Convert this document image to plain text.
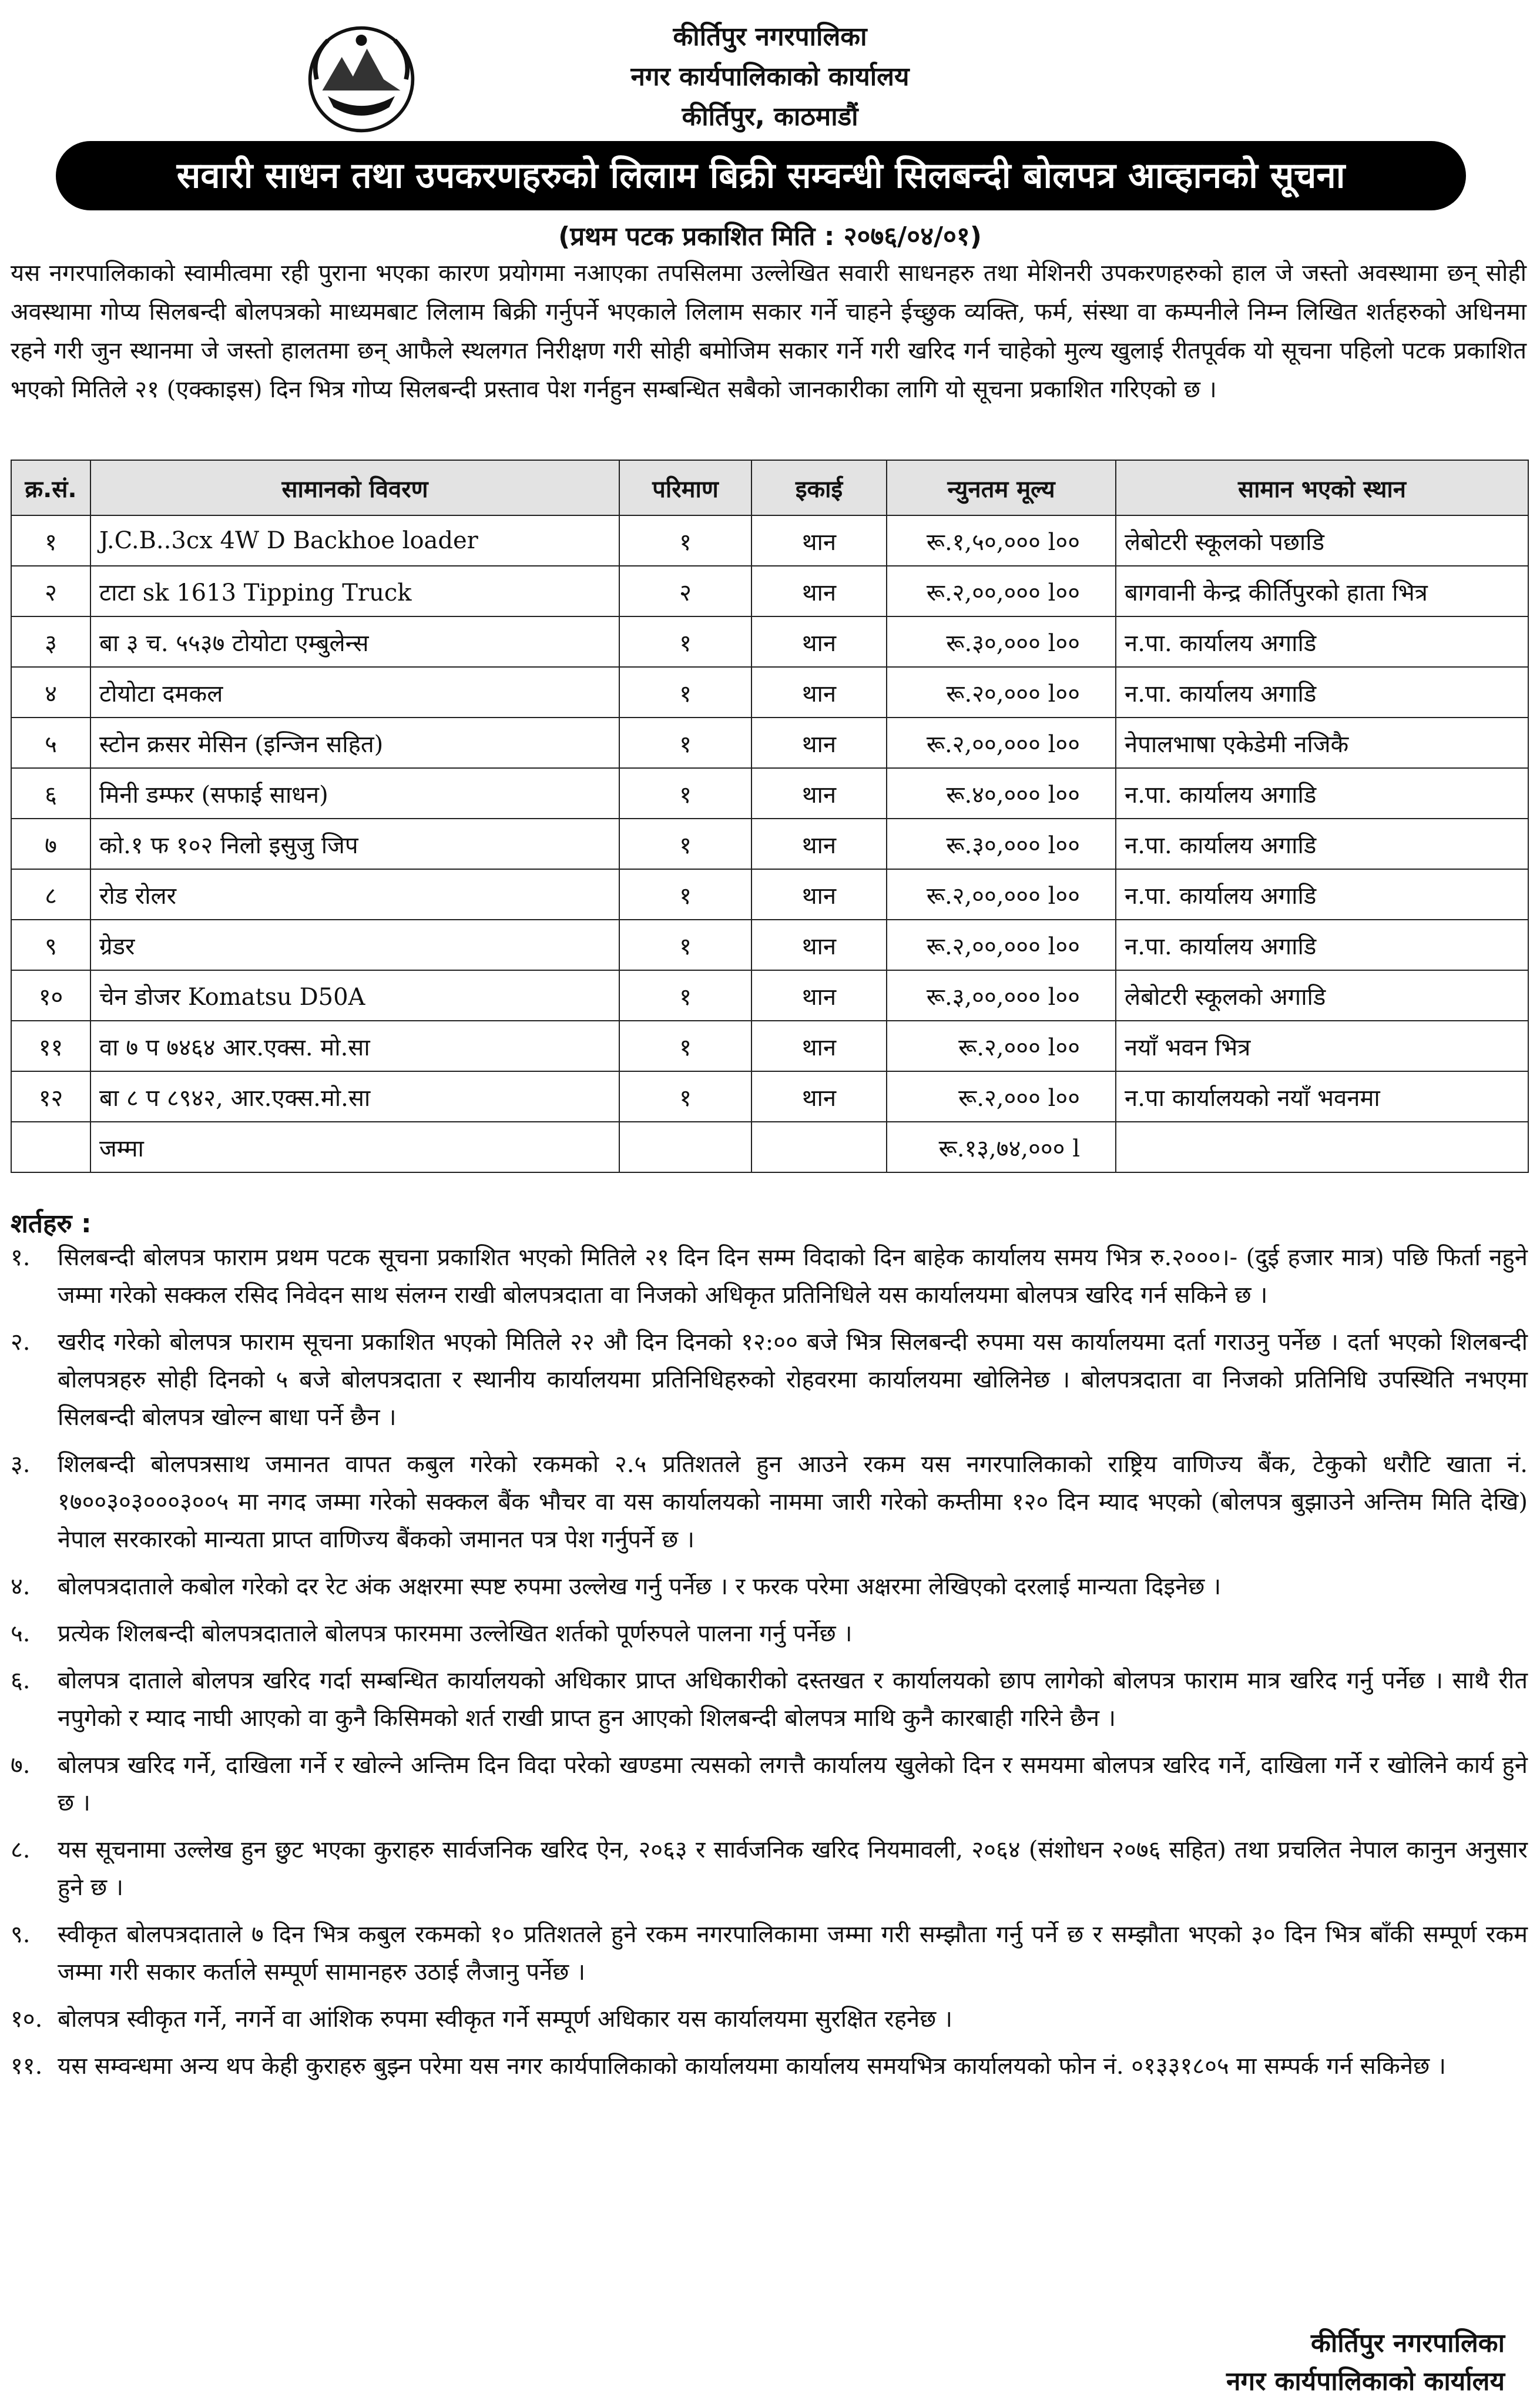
कीर्तिपुर नगरपालिका
नगर कार्यपालिकाको कार्यालय
कीर्तिपुर, काठमाडौं
सवारी साधन तथा उपकरणहरुको लिलाम बिक्री सम्वन्धी सिलबन्दी बोलपत्र आव्हानको सूचना
(प्रथम पटक प्रकाशित मिति : २०७६/०४/०१)
यस नगरपालिकाको स्वामीत्वमा रही पुराना भएका कारण प्रयोगमा नआएका तपसिलमा उल्लेखित सवारी साधनहरु तथा मेशिनरी उपकरणहरुको हाल जे जस्तो अवस्थामा छन् सोही अवस्थामा गोप्य सिलबन्दी बोलपत्रको माध्यमबाट लिलाम बिक्री गर्नुपर्ने भएकाले लिलाम सकार गर्ने चाहने ईच्छुक व्यक्ति, फर्म, संस्था वा कम्पनीले निम्न लिखित शर्तहरुको अधिनमा रहने गरी जुन स्थानमा जे जस्तो हालतमा छन् आफैले स्थलगत निरीक्षण गरी सोही बमोजिम सकार गर्ने गरी खरिद गर्न चाहेको मुल्य खुलाई रीतपूर्वक यो सूचना पहिलो पटक प्रकाशित भएको मितिले २१ (एक्काइस) दिन भित्र गोप्य सिलबन्दी प्रस्ताव पेश गर्नहुन सम्बन्धित सबैको जानकारीका लागि यो सूचना प्रकाशित गरिएको छ ।
क्र.सं.	सामानको विवरण	परिमाण	इकाई	न्युनतम मूल्य	सामान भएको स्थान
१	J.C.B..3cx 4W D Backhoe loader	१	थान	रू.१,५०,००० l००	लेबोटरी स्कूलको पछाडि
२	टाटा sk 1613 Tipping Truck	२	थान	रू.२,००,००० l००	बागवानी केन्द्र कीर्तिपुरको हाता भित्र
३	बा ३ च. ५५३७ टोयोटा एम्बुलेन्स	१	थान	रू.३०,००० l००	न.पा. कार्यालय अगाडि
४	टोयोटा दमकल	१	थान	रू.२०,००० l००	न.पा. कार्यालय अगाडि
५	स्टोन क्रसर मेसिन (इन्जिन सहित)	१	थान	रू.२,००,००० l००	नेपालभाषा एकेडेमी नजिकै
६	मिनी डम्फर (सफाई साधन)	१	थान	रू.४०,००० l००	न.पा. कार्यालय अगाडि
७	को.१ फ १०२ निलो इसुजु जिप	१	थान	रू.३०,००० l००	न.पा. कार्यालय अगाडि
८	रोड रोलर	१	थान	रू.२,००,००० l००	न.पा. कार्यालय अगाडि
९	ग्रेडर	१	थान	रू.२,००,००० l००	न.पा. कार्यालय अगाडि
१०	चेन डोजर Komatsu D50A	१	थान	रू.३,००,००० l००	लेबोटरी स्कूलको अगाडि
११	वा ७ प ७४६४ आर.एक्स. मो.सा	१	थान	रू.२,००० l००	नयाँ भवन भित्र
१२	बा ८ प ८९४२, आर.एक्स.मो.सा	१	थान	रू.२,००० l००	न.पा कार्यालयको नयाँ भवनमा
	जम्मा			रू.१३,७४,००० l	
शर्तहरु :
१.	सिलबन्दी बोलपत्र फाराम प्रथम पटक सूचना प्रकाशित भएको मितिले २१ दिन दिन सम्म विदाको दिन बाहेक कार्यालय समय भित्र रु.२०००।- (दुई हजार मात्र) पछि फिर्ता नहुने जम्मा गरेको सक्कल रसिद निवेदन साथ संलग्न राखी बोलपत्रदाता वा निजको अधिकृत प्रतिनिधिले यस कार्यालयमा बोलपत्र खरिद गर्न सकिने छ ।
२.	खरीद गरेको बोलपत्र फाराम सूचना प्रकाशित भएको मितिले २२ औ दिन दिनको १२:०० बजे भित्र सिलबन्दी रुपमा यस कार्यालयमा दर्ता गराउनु पर्नेछ । दर्ता भएको शिलबन्दी बोलपत्रहरु सोही दिनको ५ बजे बोलपत्रदाता र स्थानीय कार्यालयमा प्रतिनिधिहरुको रोहवरमा कार्यालयमा खोलिनेछ । बोलपत्रदाता वा निजको प्रतिनिधि उपस्थिति नभएमा सिलबन्दी बोलपत्र खोल्न बाधा पर्ने छैन ।
३.	शिलबन्दी बोलपत्रसाथ जमानत वापत कबुल गरेको रकमको २.५ प्रतिशतले हुन आउने रकम यस नगरपालिकाको राष्ट्रिय वाणिज्य बैंक, टेकुको धरौटि खाता नं. १७००३०३०००३००५ मा नगद जम्मा गरेको सक्कल बैंक भौचर वा यस कार्यालयको नाममा जारी गरेको कम्तीमा १२० दिन म्याद भएको (बोलपत्र बुझाउने अन्तिम मिति देखि) नेपाल सरकारको मान्यता प्राप्त वाणिज्य बैंकको जमानत पत्र पेश गर्नुपर्ने छ ।
४.	बोलपत्रदाताले कबोल गरेको दर रेट अंक अक्षरमा स्पष्ट रुपमा उल्लेख गर्नु पर्नेछ । र फरक परेमा अक्षरमा लेखिएको दरलाई मान्यता दिइनेछ ।
५.	प्रत्येक शिलबन्दी बोलपत्रदाताले बोलपत्र फारममा उल्लेखित शर्तको पूर्णरुपले पालना गर्नु पर्नेछ ।
६.	बोलपत्र दाताले बोलपत्र खरिद गर्दा सम्बन्धित कार्यालयको अधिकार प्राप्त अधिकारीको दस्तखत र कार्यालयको छाप लागेको बोलपत्र फाराम मात्र खरिद गर्नु पर्नेछ । साथै रीत नपुगेको र म्याद नाघी आएको वा कुनै किसिमको शर्त राखी प्राप्त हुन आएको शिलबन्दी बोलपत्र माथि कुनै कारबाही गरिने छैन ।
७.	बोलपत्र खरिद गर्ने, दाखिला गर्ने र खोल्ने अन्तिम दिन विदा परेको खण्डमा त्यसको लगत्तै कार्यालय खुलेको दिन र समयमा बोलपत्र खरिद गर्ने, दाखिला गर्ने र खोलिने कार्य हुने छ ।
८.	यस सूचनामा उल्लेख हुन छुट भएका कुराहरु सार्वजनिक खरिद ऐन, २०६३ र सार्वजनिक खरिद नियमावली, २०६४ (संशोधन २०७६ सहित) तथा प्रचलित नेपाल कानुन अनुसार हुने छ ।
९.	स्वीकृत बोलपत्रदाताले ७ दिन भित्र कबुल रकमको १० प्रतिशतले हुने रकम नगरपालिकामा जम्मा गरी सम्झौता गर्नु पर्ने छ र सम्झौता भएको ३० दिन भित्र बाँकी सम्पूर्ण रकम जम्मा गरी सकार कर्ताले सम्पूर्ण सामानहरु उठाई लैजानु पर्नेछ ।
१०. बोलपत्र स्वीकृत गर्ने, नगर्ने वा आंशिक रुपमा स्वीकृत गर्ने सम्पूर्ण अधिकार यस कार्यालयमा सुरक्षित रहनेछ ।
११. यस सम्वन्धमा अन्य थप केही कुराहरु बुझ्न परेमा यस नगर कार्यपालिकाको कार्यालयमा कार्यालय समयभित्र कार्यालयको फोन नं. ०१३३१८०५ मा सम्पर्क गर्न सकिनेछ ।
कीर्तिपुर नगरपालिका
नगर कार्यपालिकाको कार्यालय
